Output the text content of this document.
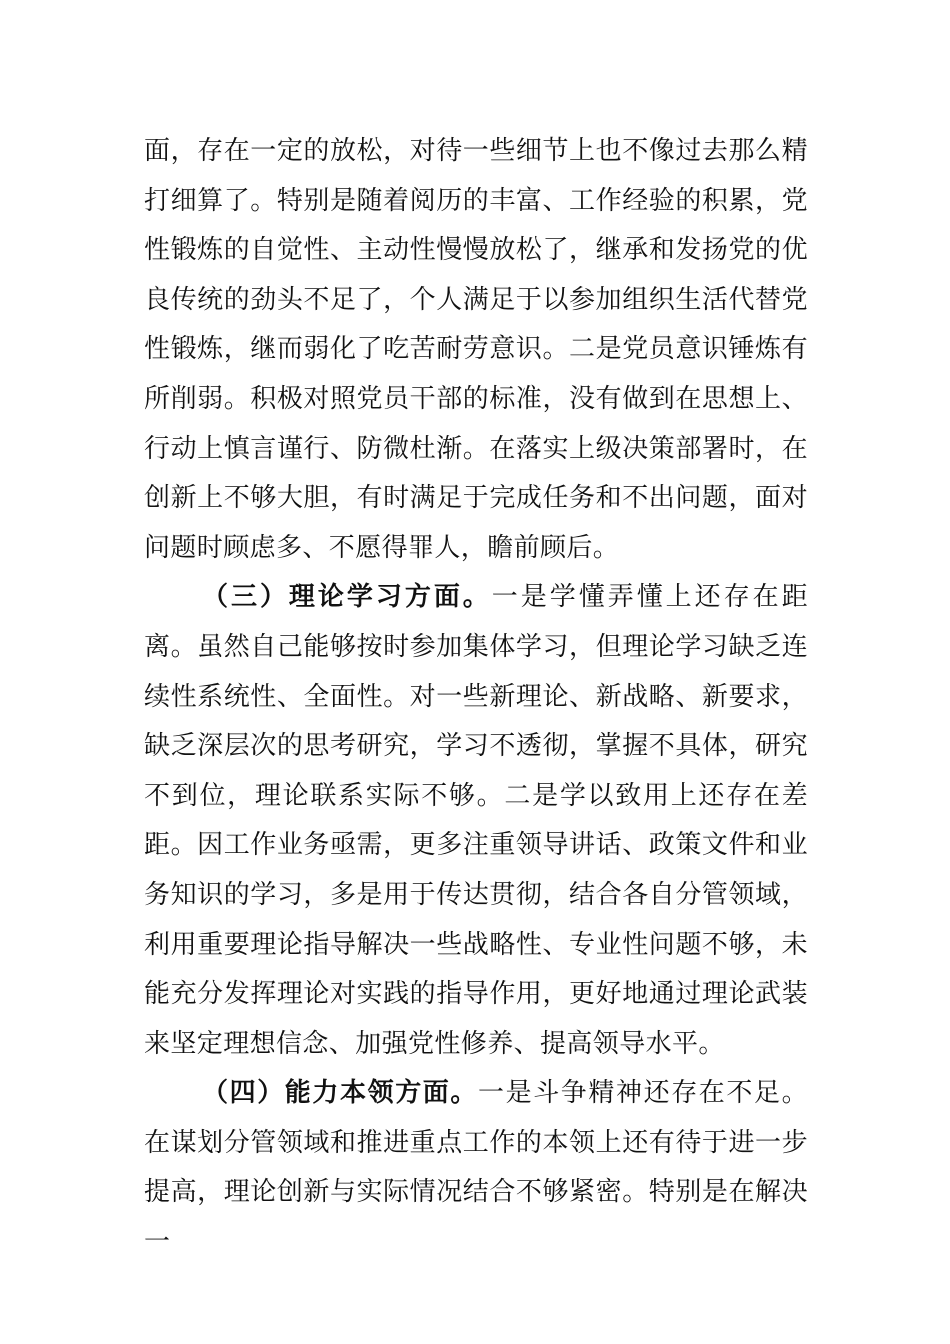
面，存在一定的放松，对待一些细节上也不像过去那么精打细算了。特别是随着阅历的丰富、工作经验的积累，党性锻炼的自觉性、主动性慢慢放松了，继承和发扬党的优良传统的劲头不足了，个人满足于以参加组织生活代替党性锻炼，继而弱化了吃苦耐劳意识。二是党员意识锤炼有所削弱。积极对照党员干部的标准，没有做到在思想上、行动上慎言谨行、防微杜渐。在落实上级决策部署时，在创新上不够大胆，有时满足于完成任务和不出问题，面对问题时顾虑多、不愿得罪人，瞻前顾后。

（三）理论学习方面。一是学懂弄懂上还存在距离。虽然自己能够按时参加集体学习，但理论学习缺乏连续性系统性、全面性。对一些新理论、新战略、新要求，缺乏深层次的思考研究，学习不透彻，掌握不具体，研究不到位，理论联系实际不够。二是学以致用上还存在差距。因工作业务亟需，更多注重领导讲话、政策文件和业务知识的学习，多是用于传达贯彻，结合各自分管领域，利用重要理论指导解决一些战略性、专业性问题不够，未能充分发挥理论对实践的指导作用，更好地通过理论武装来坚定理想信念、加强党性修养、提高领导水平。

（四）能力本领方面。一是斗争精神还存在不足。在谋划分管领域和推进重点工作的本领上还有待于进一步提高，理论创新与实际情况结合不够紧密。特别是在解决一
